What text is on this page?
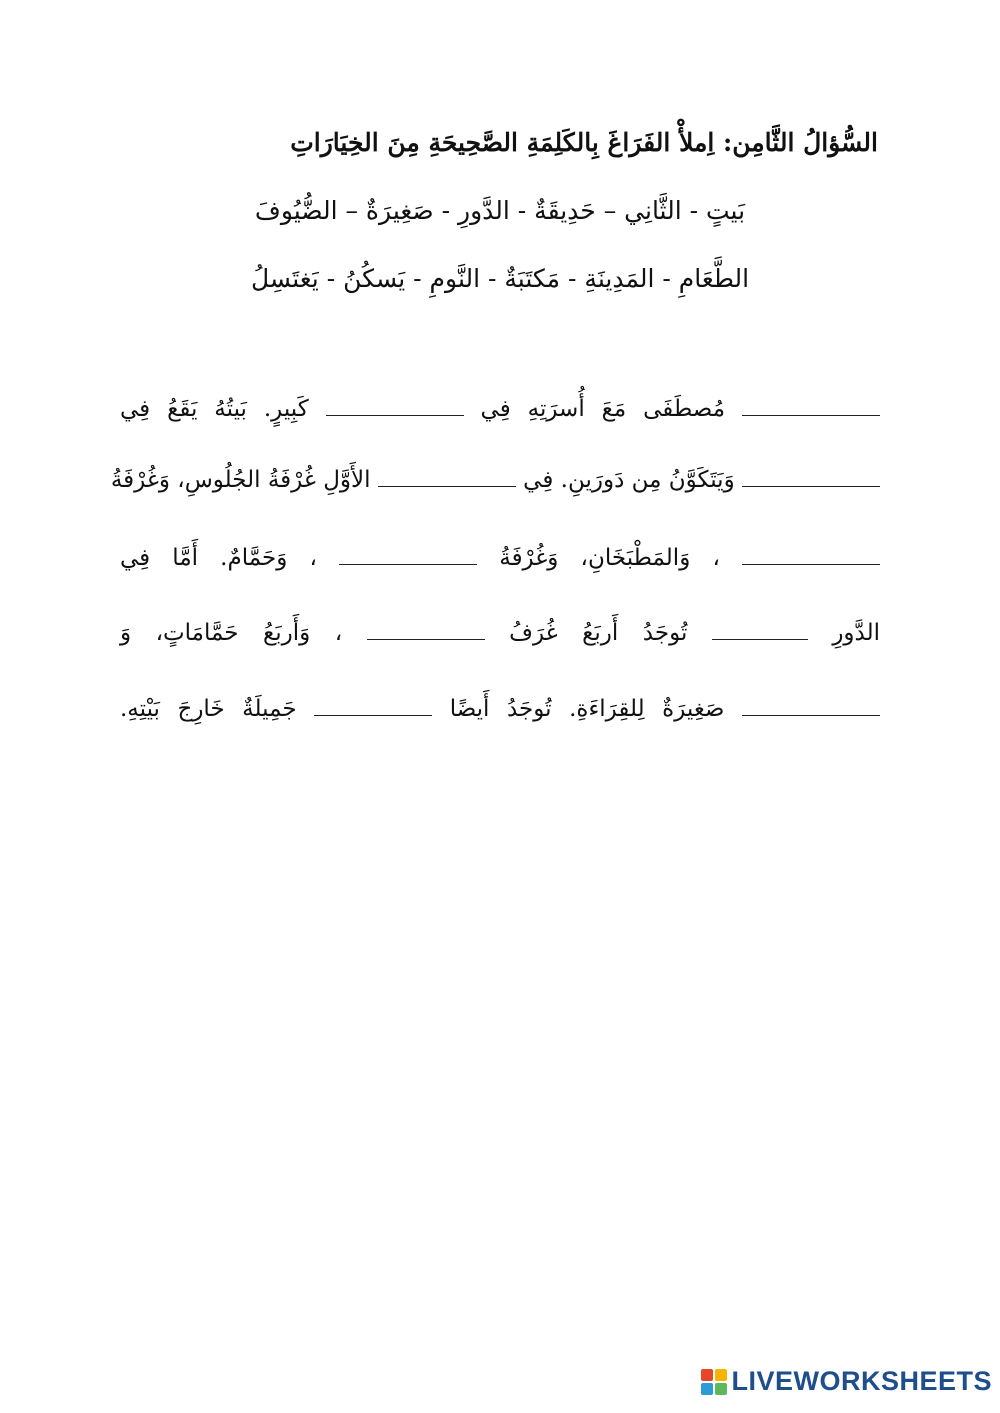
السُّؤالُ الثَّامِن: اِملأْ الفَرَاغَ بِالكَلِمَةِ الصَّحِيحَةِ مِنَ الخِيَارَاتِ
بَيتٍ - الثَّانِي – حَدِيقَةٌ - الدَّورِ - صَغِيرَةٌ – الضُّيُوفَ
الطَّعَامِ - المَدِينَةِ - مَكتَبَةٌ - النَّومِ - يَسكُنُ - يَغتَسِلُ
مُصطَفَى مَعَ أُسرَتِهِ فِي  كَبِيرٍ. بَيتُهُ يَقَعُ فِي
وَيَتَكَوَّنُ مِن دَورَينِ. فِي  الأَوَّلِ غُرْفَةُ الجُلُوسِ، وَغُرْفَةُ
، وَالمَطْبَخَانِ، وَغُرْفَةُ  ، وَحَمَّامٌ. أَمَّا فِي
الدَّورِ  تُوجَدُ أَربَعُ غُرَفُ  ، وَأَربَعُ حَمَّامَاتٍ، وَ
صَغِيرَةٌ لِلقِرَاءَةِ. تُوجَدُ أَيضًا  جَمِيلَةٌ خَارِجَ بَيْتِهِ.
LIVEWORKSHEETS
